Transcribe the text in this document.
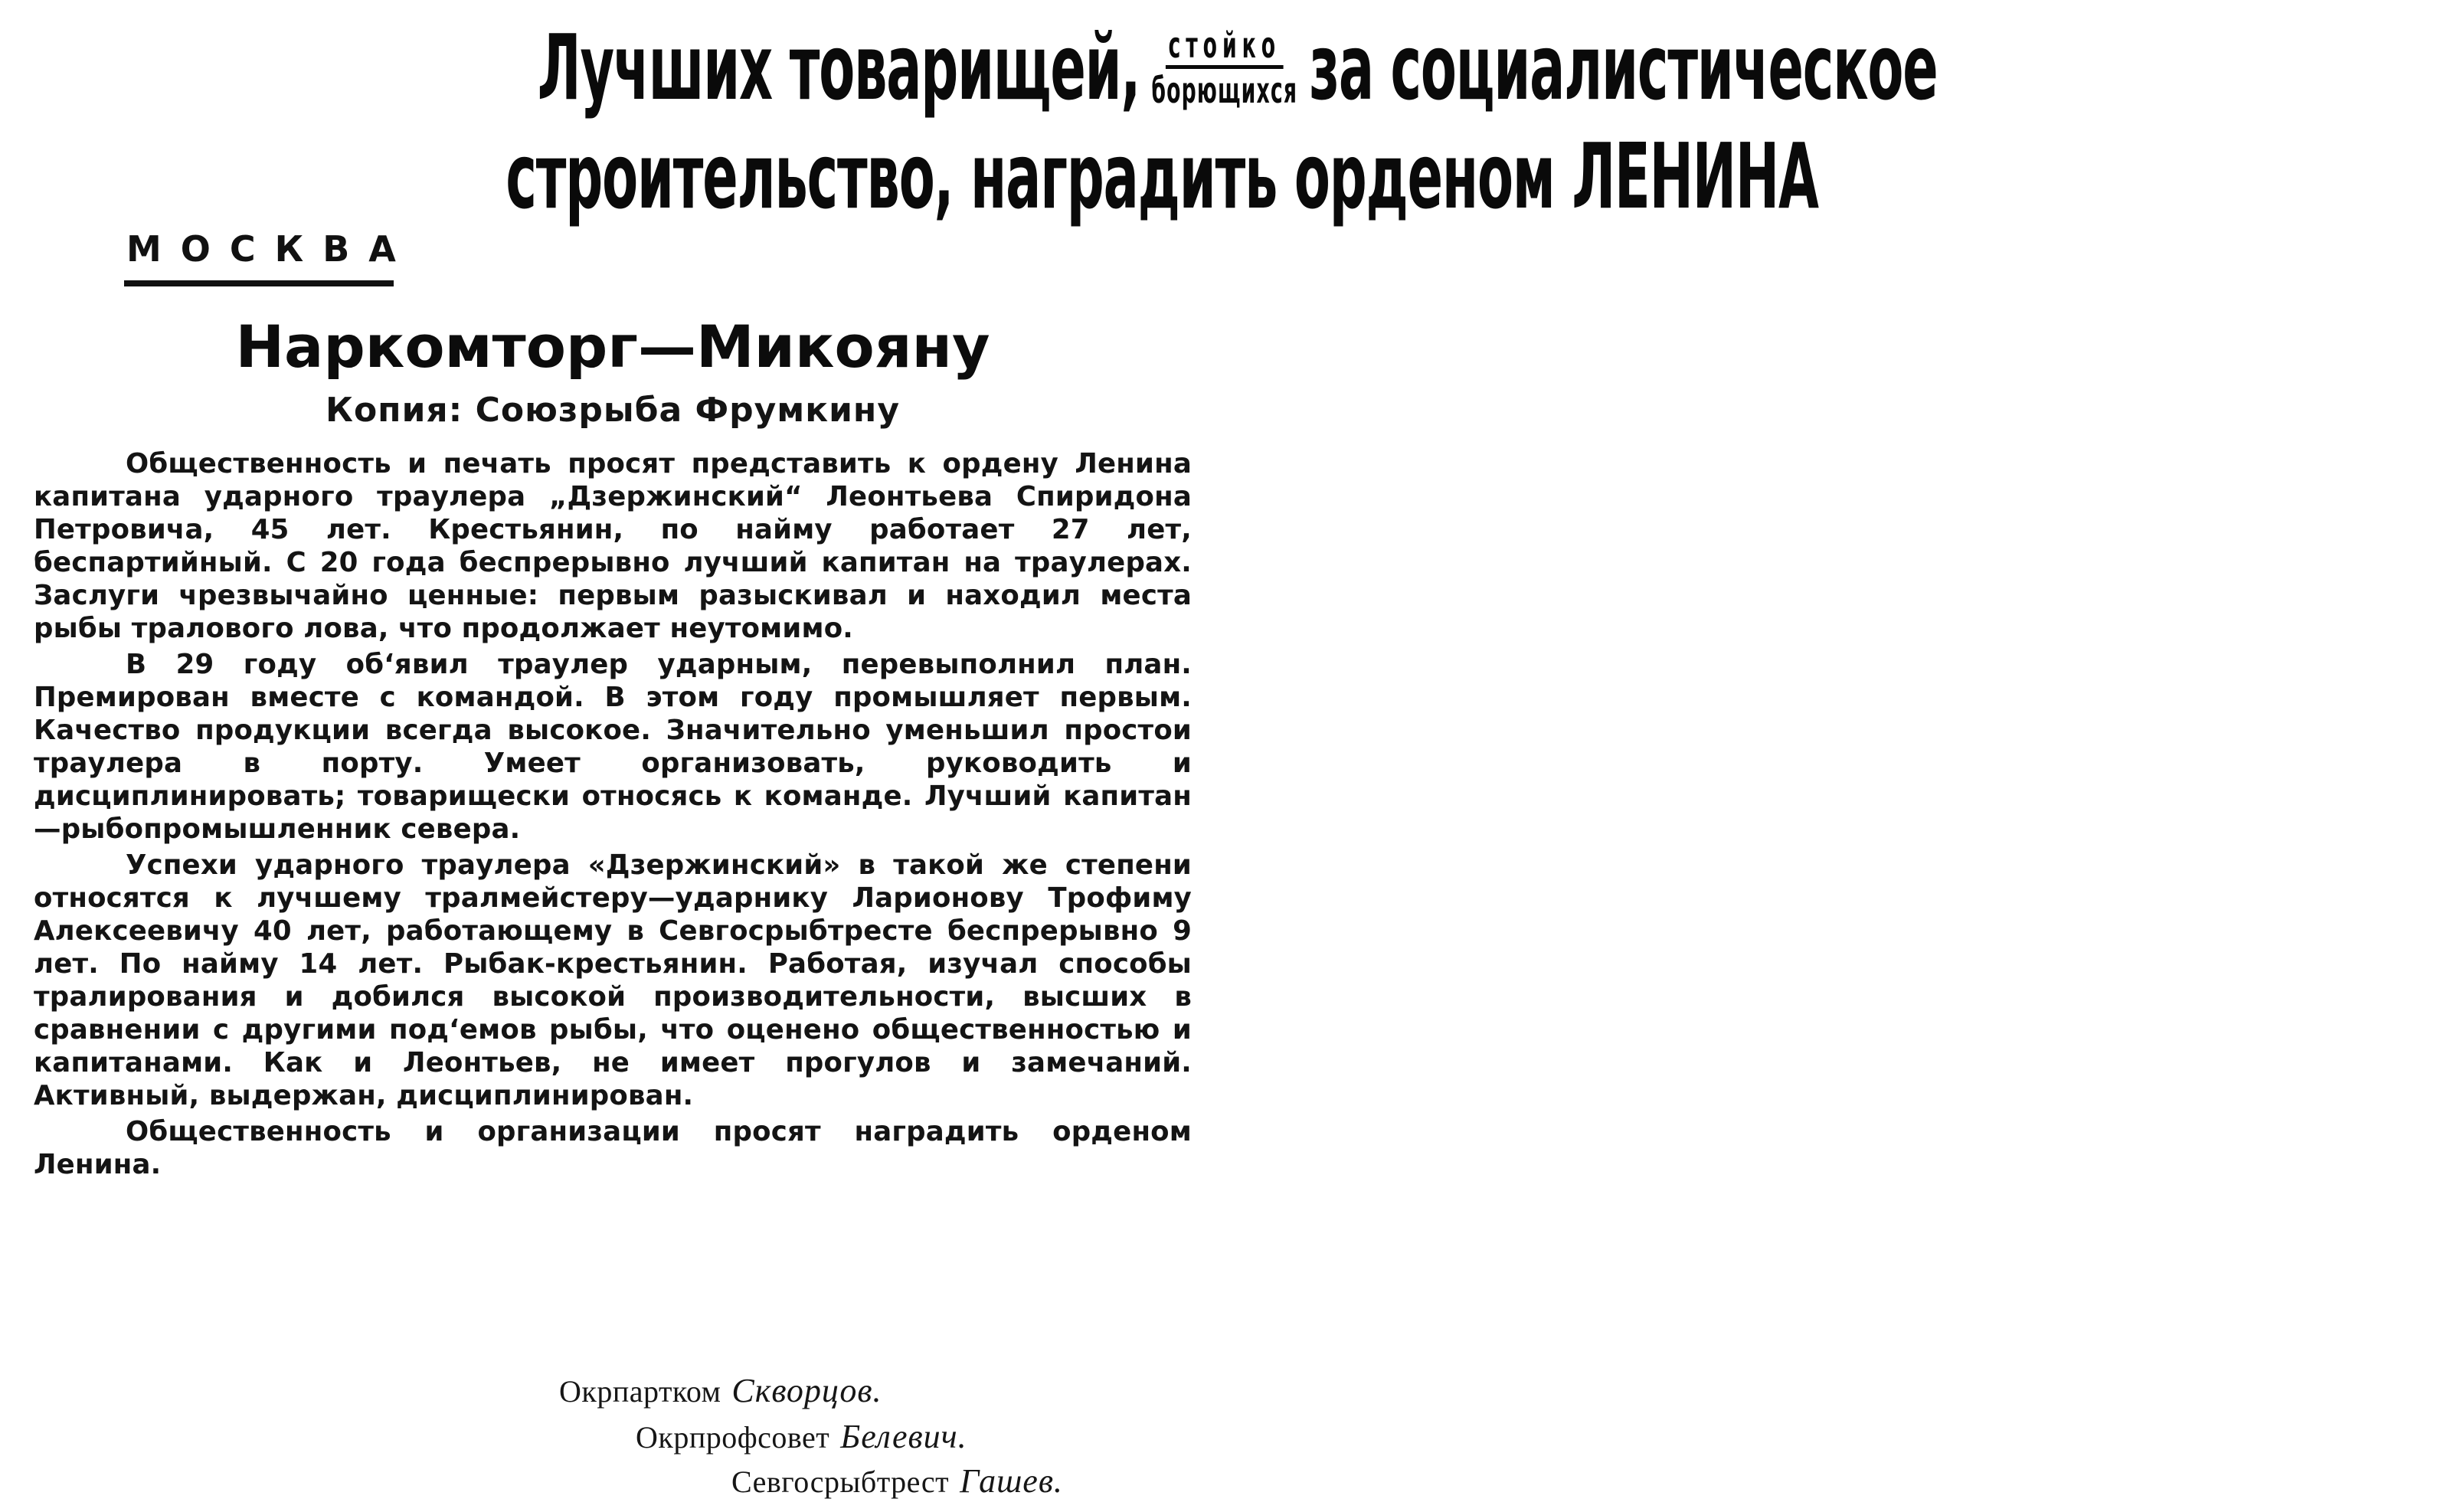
Лучших товарищей, стойко
борющихся за социалистическое
строительство, наградить орденом ЛЕНИНА
МОСКВА
Наркомторг—Микояну
Копия: Союзрыба Фрумкину

Общественность и печать просят представить к ордену Ленина капитана ударного траулера „Дзержинский“ Леонтьева Спиридона Петровича, 45 лет. Крестьянин, по найму работает 27 лет, беспартийный. С 20 года беспрерывно лучший капитан на траулерах. Заслуги чрезвычайно ценные: первым разыскивал и находил места рыбы тралового лова, что продолжает неутомимо.

В 29 году об‘явил траулер ударным, перевыполнил план. Премирован вместе с командой. В этом году промышляет первым. Качество продукции всегда высокое. Значительно уменьшил простои траулера в порту. Умеет организовать, руководить и дисциплинировать; товарищески относясь к команде. Лучший капитан—рыбопромышленник севера.

Успехи ударного траулера «Дзержинский» в такой же степени относятся к лучшему тралмейстеру—ударнику Ларионову Трофиму Алексеевичу 40 лет, работающему в Севгосрыбтресте беспрерывно 9 лет. По найму 14 лет. Рыбак-крестьянин. Работая, изучал способы тралирования и добился высокой производительности, высших в сравнении с другими под‘емов рыбы, что оценено общественностью и капитанами. Как и Леонтьев, не имеет прогулов и замечаний. Активный, выдержан, дисциплинирован.

Общественность и организации просят наградить орденом Ленина.

Окрпартком Скворцов.
Окрпрофсовет Белевич.
Севгосрыбтрест Гашев.
